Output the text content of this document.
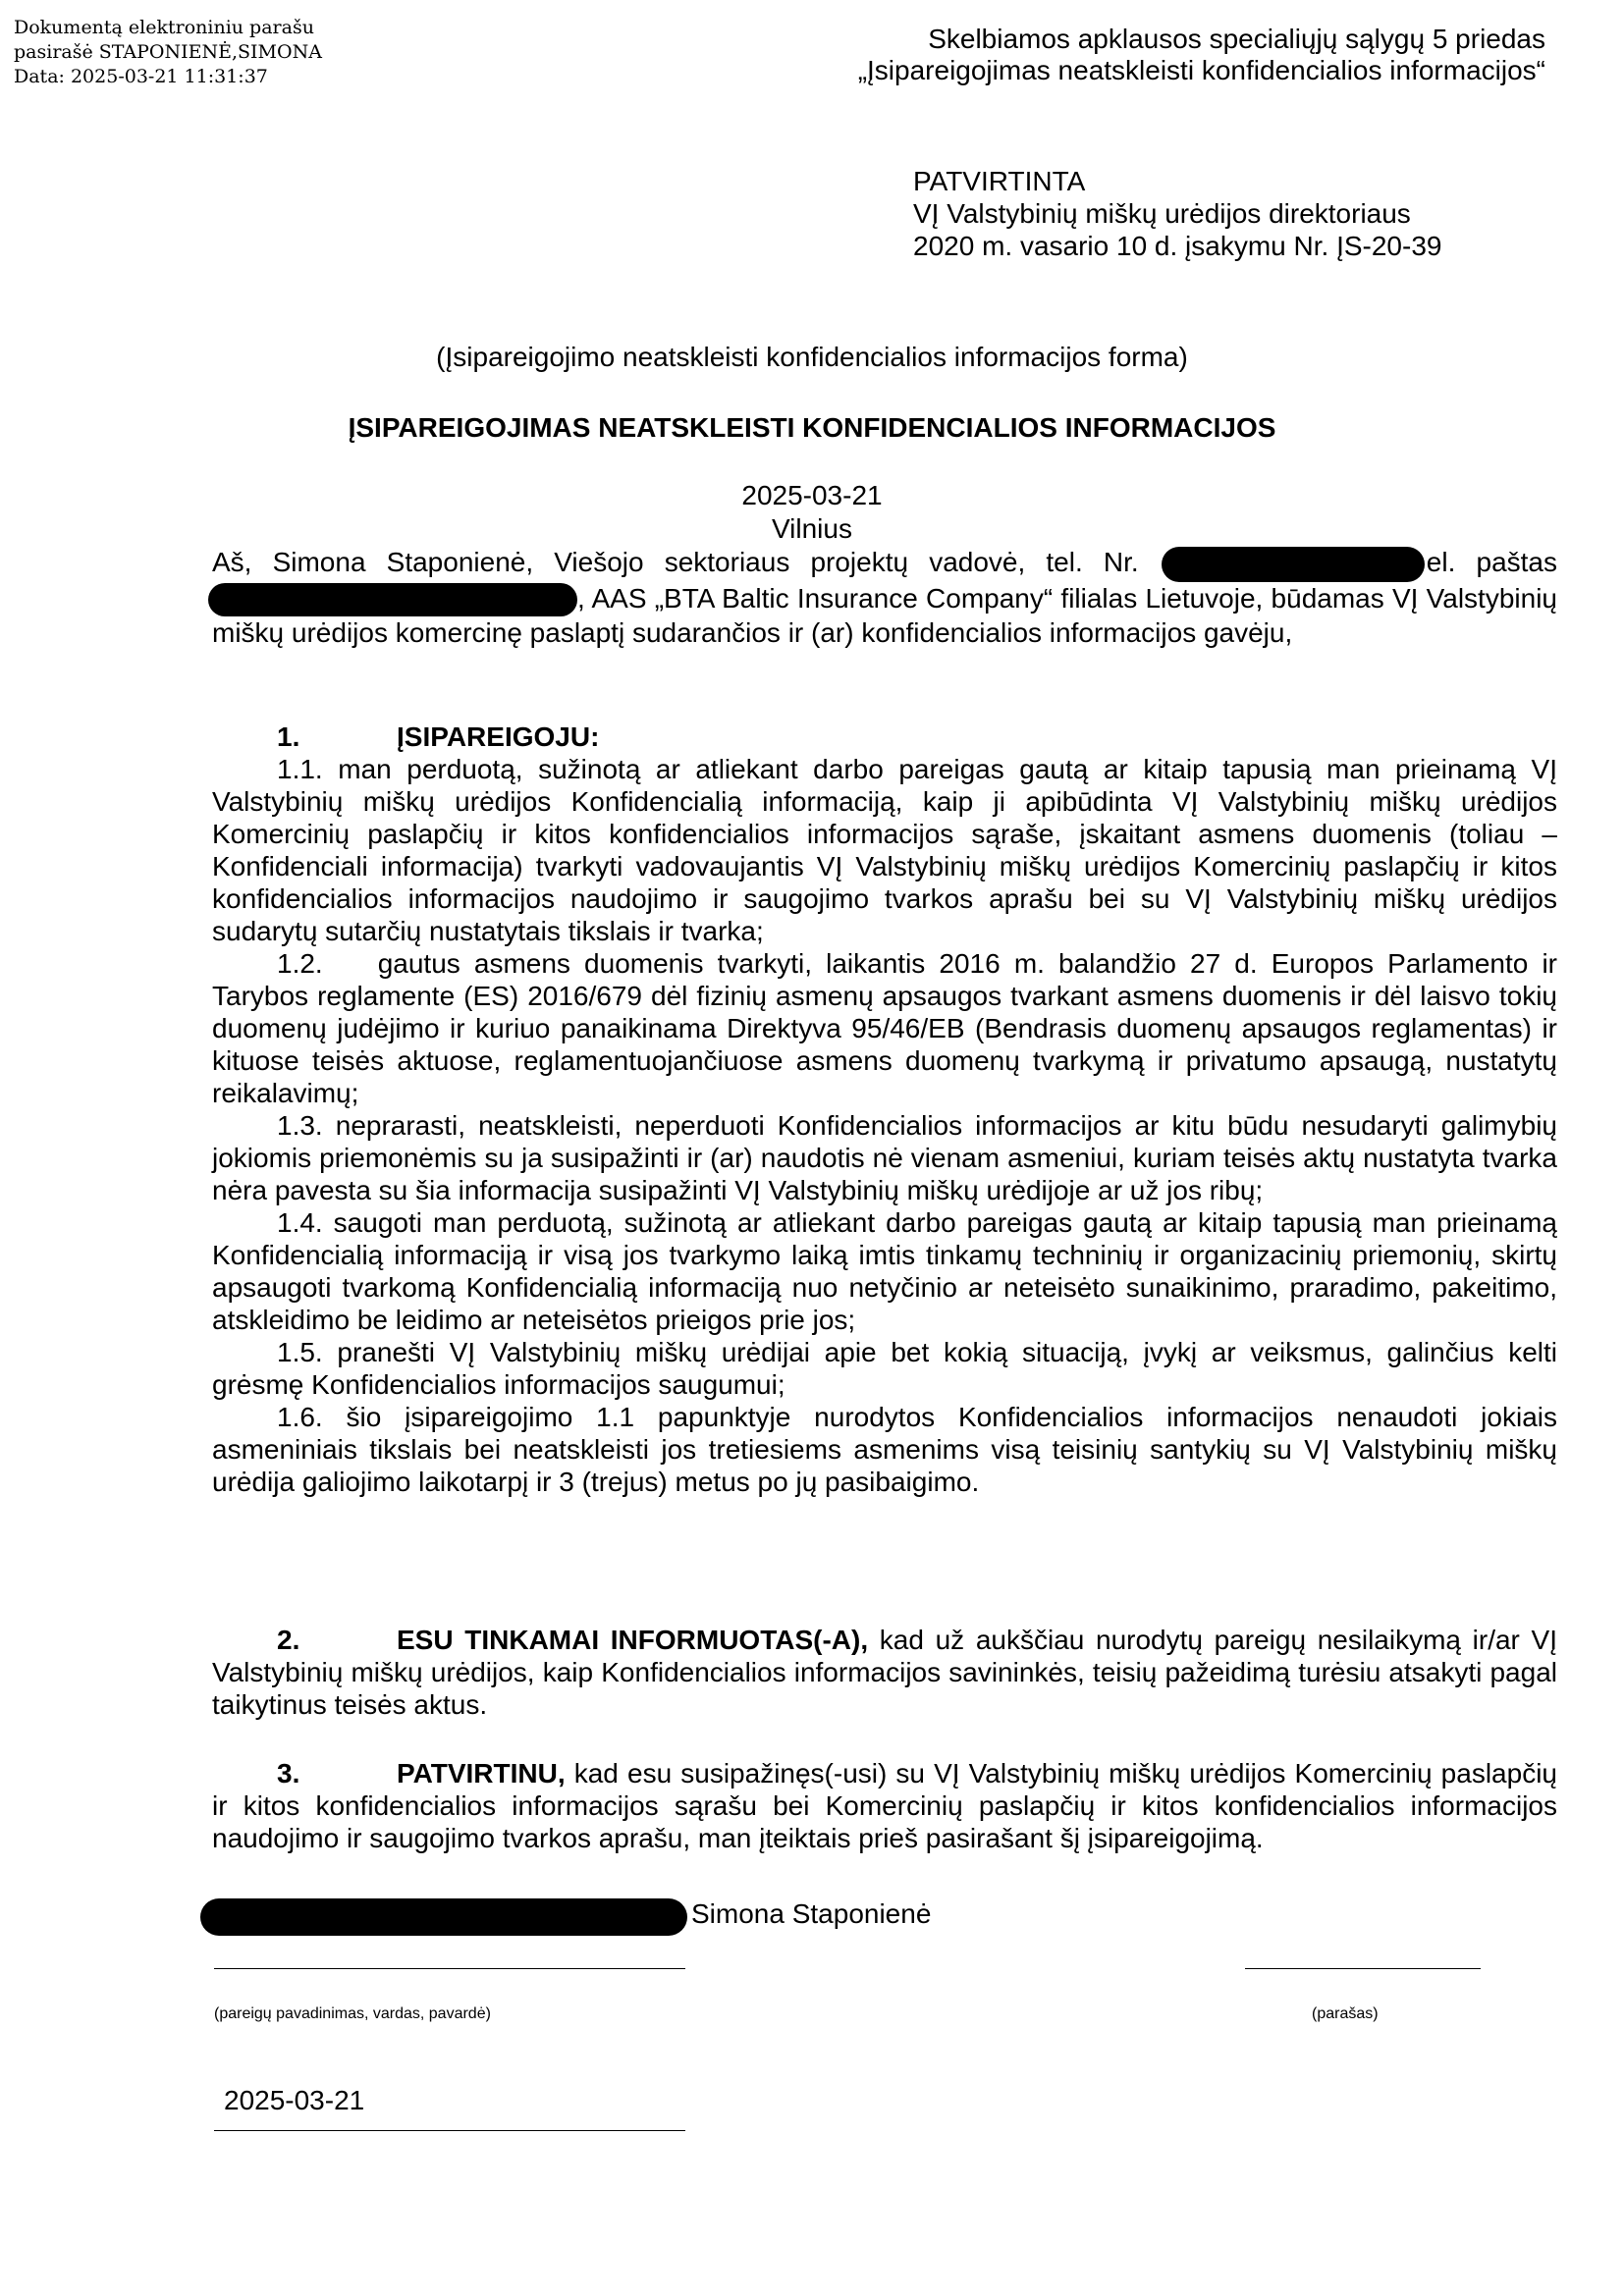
Dokumentą elektroniniu parašu
pasirašė STAPONIENĖ,SIMONA
Data: 2025-03-21 11:31:37
Skelbiamos apklausos specialiųjų sąlygų 5 priedas
„Įsipareigojimas neatskleisti konfidencialios informacijos“
PATVIRTINTA
VĮ Valstybinių miškų urėdijos direktoriaus
2020 m. vasario 10 d. įsakymu Nr. ĮS-20-39
(Įsipareigojimo neatskleisti konfidencialios informacijos forma)
ĮSIPAREIGOJIMAS NEATSKLEISTI KONFIDENCIALIOS INFORMACIJOS
2025-03-21
Vilnius

Aš, Simona Staponienė, Viešojo sektoriaus projektų vadovė, tel. Nr.	el. paštas , AAS „BTA Baltic Insurance Company“ filialas Lietuvoje, būdamas VĮ Valstybinių miškų urėdijos komercinę paslaptį sudarančios ir (ar) konfidencialios informacijos gavėju,

1.	ĮSIPAREIGOJU:

1.1. man perduotą, sužinotą ar atliekant darbo pareigas gautą ar kitaip tapusią man prieinamą VĮ Valstybinių miškų urėdijos Konfidencialią informaciją, kaip ji apibūdinta VĮ Valstybinių miškų urėdijos Komercinių paslapčių ir kitos konfidencialios informacijos sąraše, įskaitant asmens duomenis (toliau – Konfidenciali informacija) tvarkyti vadovaujantis VĮ Valstybinių miškų urėdijos Komercinių paslapčių ir kitos konfidencialios informacijos naudojimo ir saugojimo tvarkos aprašu bei su VĮ Valstybinių miškų urėdijos sudarytų sutarčių nustatytais tikslais ir tvarka;

1.2.  gautus asmens duomenis tvarkyti, laikantis 2016 m. balandžio 27 d. Europos Parlamento ir Tarybos reglamente (ES) 2016/679 dėl fizinių asmenų apsaugos tvarkant asmens duomenis ir dėl laisvo tokių duomenų judėjimo ir kuriuo panaikinama Direktyva 95/46/EB (Bendrasis duomenų apsaugos reglamentas) ir kituose teisės aktuose, reglamentuojančiuose asmens duomenų tvarkymą ir privatumo apsaugą, nustatytų reikalavimų;

1.3. neprarasti, neatskleisti, neperduoti Konfidencialios informacijos ar kitu būdu nesudaryti galimybių jokiomis priemonėmis su ja susipažinti ir (ar) naudotis nė vienam asmeniui, kuriam teisės aktų nustatyta tvarka nėra pavesta su šia informacija susipažinti VĮ Valstybinių miškų urėdijoje ar už jos ribų;

1.4. saugoti man perduotą, sužinotą ar atliekant darbo pareigas gautą ar kitaip tapusią man prieinamą Konfidencialią informaciją ir visą jos tvarkymo laiką imtis tinkamų techninių ir organizacinių priemonių, skirtų apsaugoti tvarkomą Konfidencialią informaciją nuo netyčinio ar neteisėto sunaikinimo, praradimo, pakeitimo, atskleidimo be leidimo ar neteisėtos prieigos prie jos;

1.5. pranešti VĮ Valstybinių miškų urėdijai apie bet kokią situaciją, įvykį ar veiksmus, galinčius kelti grėsmę Konfidencialios informacijos saugumui;

1.6. šio įsipareigojimo 1.1 papunktyje nurodytos Konfidencialios informacijos nenaudoti jokiais asmeniniais tikslais bei neatskleisti jos tretiesiems asmenims visą teisinių santykių su VĮ Valstybinių miškų urėdija galiojimo laikotarpį ir 3 (trejus) metus po jų pasibaigimo.

2.	ESU TINKAMAI INFORMUOTAS(-A), kad už aukščiau nurodytų pareigų nesilaikymą ir/ar VĮ Valstybinių miškų urėdijos, kaip Konfidencialios informacijos savininkės, teisių pažeidimą turėsiu atsakyti pagal taikytinus teisės aktus.

3.	PATVIRTINU, kad esu susipažinęs(-usi) su VĮ Valstybinių miškų urėdijos Komercinių paslapčių ir kitos konfidencialios informacijos sąrašu bei Komercinių paslapčių ir kitos konfidencialios informacijos naudojimo ir saugojimo tvarkos aprašu, man įteiktais prieš pasirašant šį įsipareigojimą.

Simona Staponienė
(pareigų pavadinimas, vardas, pavardė)	(parašas)
2025-03-21
